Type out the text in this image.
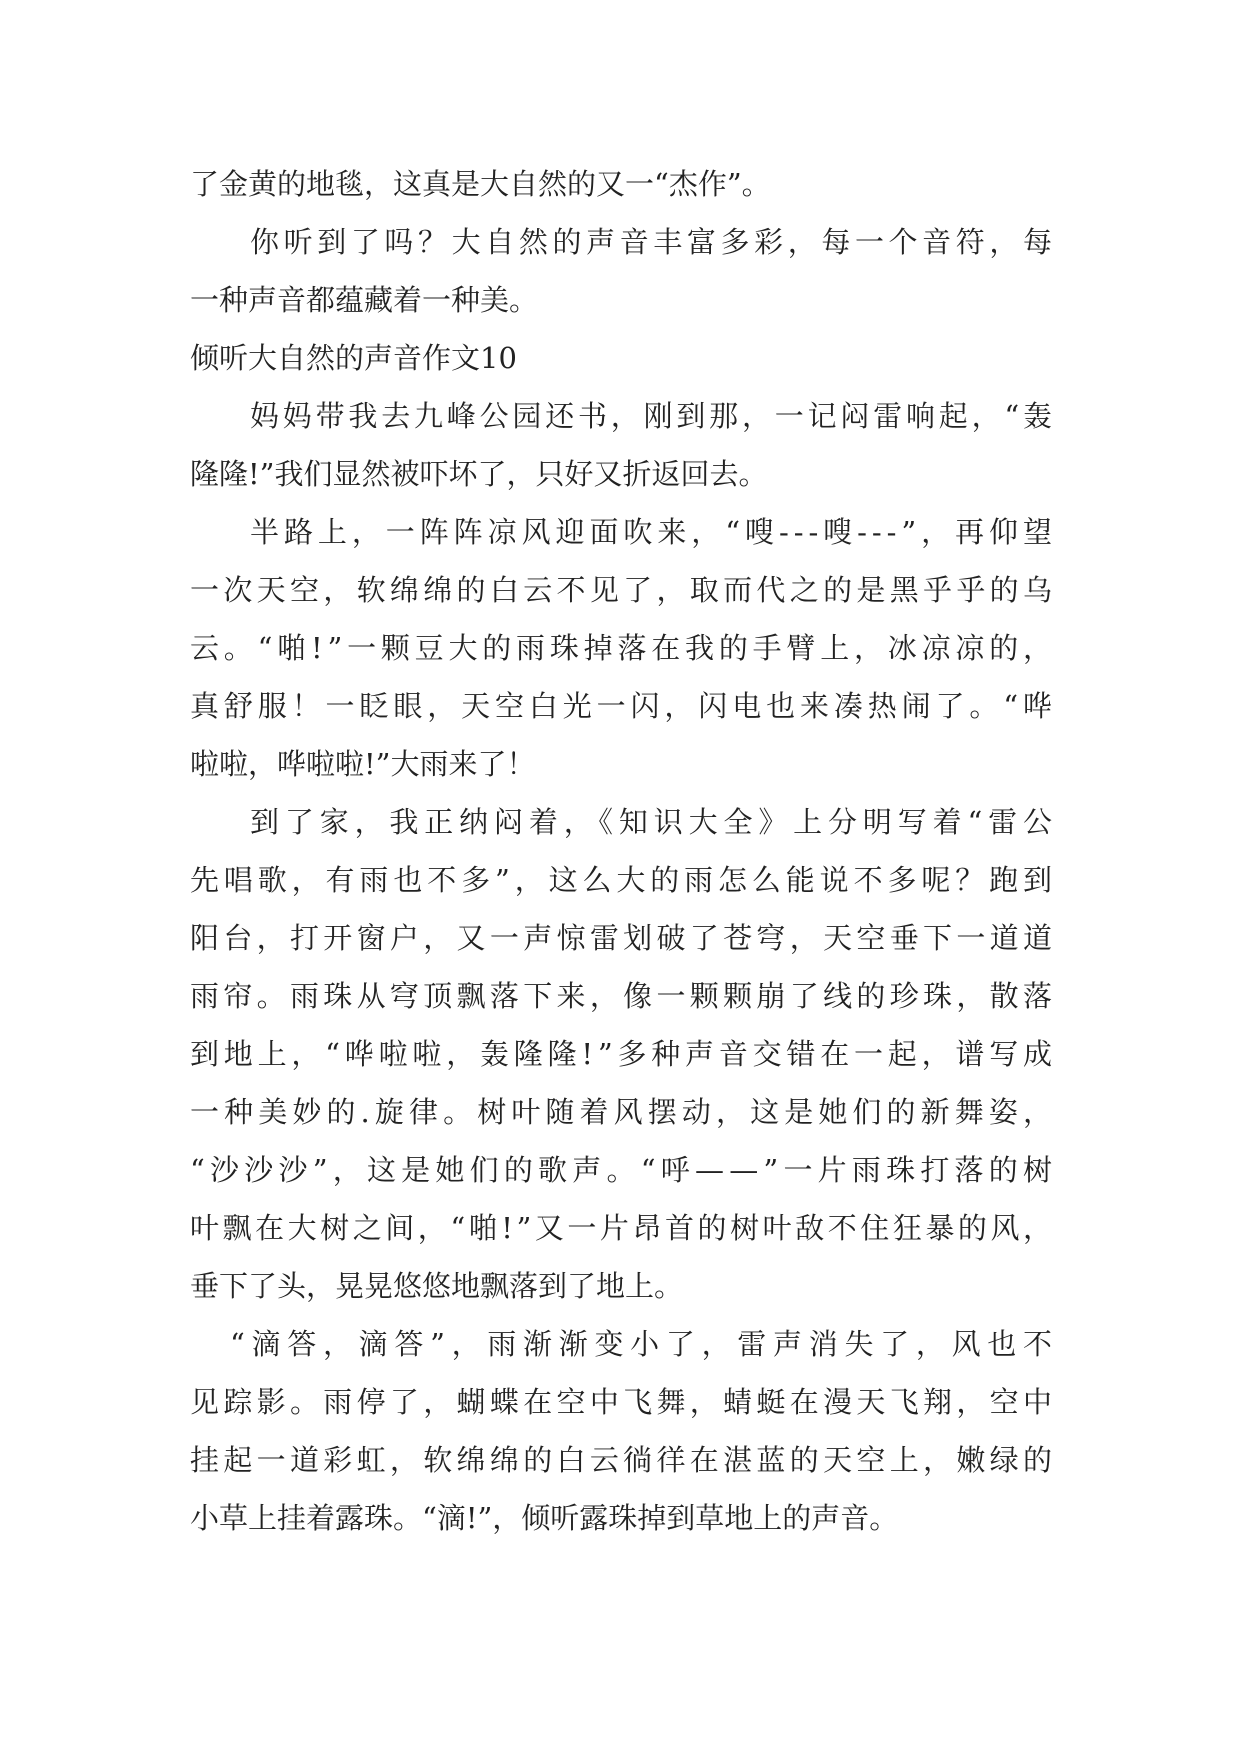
了金黄的地毯，这真是大自然的又一“杰作”。
你听到了吗？大自然的声音丰富多彩，每一个音符，每
一种声音都蕴藏着一种美。
倾听大自然的声音作文10
妈妈带我去九峰公园还书，刚到那，一记闷雷响起，“轰
隆隆!”我们显然被吓坏了，只好又折返回去。
半路上，一阵阵凉风迎面吹来，“嗖---嗖---”，再仰望
一次天空，软绵绵的白云不见了，取而代之的是黑乎乎的乌
云。“啪!”一颗豆大的雨珠掉落在我的手臂上，冰凉凉的，
真舒服！一眨眼，天空白光一闪，闪电也来凑热闹了。“哗
啦啦，哗啦啦!”大雨来了！
到了家，我正纳闷着，《知识大全》上分明写着“雷公
先唱歌，有雨也不多”，这么大的雨怎么能说不多呢？跑到
阳台，打开窗户，又一声惊雷划破了苍穹，天空垂下一道道
雨帘。雨珠从穹顶飘落下来，像一颗颗崩了线的珍珠，散落
到地上，“哗啦啦，轰隆隆!”多种声音交错在一起，谱写成
一种美妙的.旋律。树叶随着风摆动，这是她们的新舞姿，
“沙沙沙”，这是她们的歌声。“呼——”一片雨珠打落的树
叶飘在大树之间，“啪!”又一片昂首的树叶敌不住狂暴的风，
垂下了头，晃晃悠悠地飘落到了地上。
“滴答，滴答”，雨渐渐变小了，雷声消失了，风也不
见踪影。雨停了，蝴蝶在空中飞舞，蜻蜓在漫天飞翔，空中
挂起一道彩虹，软绵绵的白云徜徉在湛蓝的天空上，嫩绿的
小草上挂着露珠。“滴!”，倾听露珠掉到草地上的声音。
